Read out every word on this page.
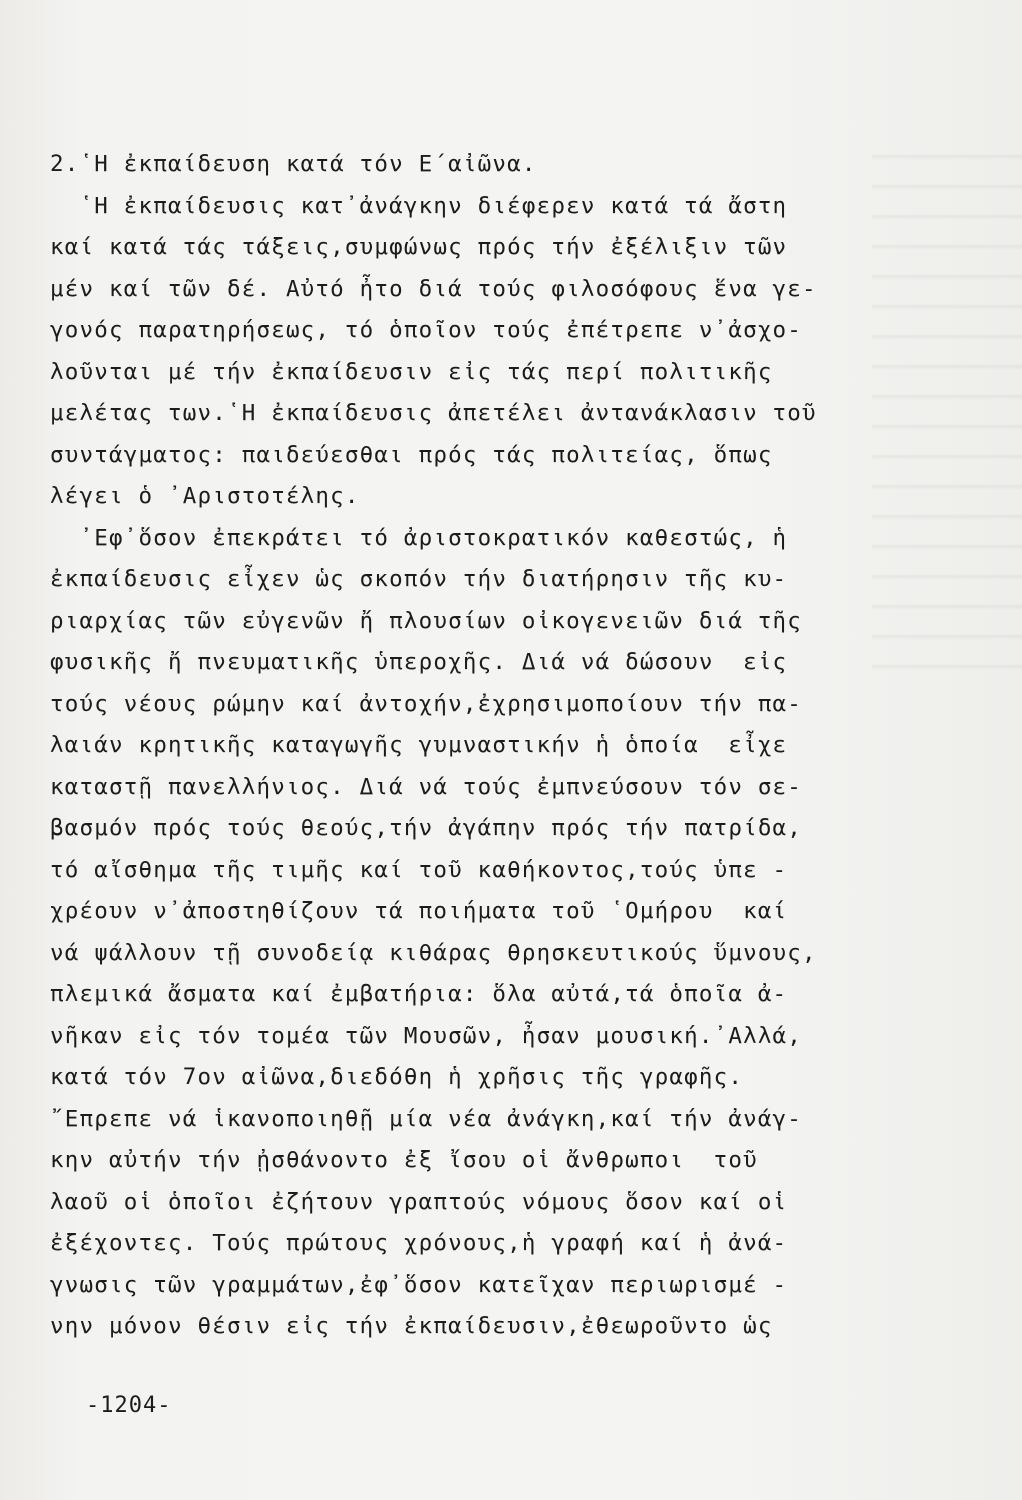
2.῾Η ἐκπαίδευση κατά τόν Ε΄αἰῶνα.
῾Η ἐκπαίδευσις κατ᾽ἀνάγκην διέφερεν κατά τά ἄστη
καί κατά τάς τάξεις,συμφώνως πρός τήν ἐξέλιξιν τῶν
μέν καί τῶν δέ. Αὐτό ἦτο διά τούς φιλοσόφους ἕνα γε-
γονός παρατηρήσεως, τό ὁποῖον τούς ἐπέτρεπε ν᾽ἀσχο-
λοῦνται μέ τήν ἐκπαίδευσιν εἰς τάς περί πολιτικῆς
μελέτας των.῾Η ἐκπαίδευσις ἀπετέλει ἀντανάκλασιν τοῦ
συντάγματος: παιδεύεσθαι πρός τάς πολιτείας, ὅπως
λέγει ὁ ᾽Αριστοτέλης.
᾽Εφ᾽ὅσον ἐπεκράτει τό ἀριστοκρατικόν καθεστώς, ἡ
ἐκπαίδευσις εἶχεν ὡς σκοπόν τήν διατήρησιν τῆς κυ-
ριαρχίας τῶν εὐγενῶν ἤ πλουσίων οἰκογενειῶν διά τῆς
φυσικῆς ἤ πνευματικῆς ὑπεροχῆς. Διά νά δώσουν  εἰς
τούς νέους ρώμην καί ἀντοχήν,ἐχρησιμοποίουν τήν πα-
λαιάν κρητικῆς καταγωγῆς γυμναστικήν ἡ ὁποία  εἶχε
καταστῇ πανελλήνιος. Διά νά τούς ἐμπνεύσουν τόν σε-
βασμόν πρός τούς θεούς,τήν ἀγάπην πρός τήν πατρίδα,
τό αἴσθημα τῆς τιμῆς καί τοῦ καθήκοντος,τούς ὑπε -
χρέουν ν᾽ἀποστηθίζουν τά ποιήματα τοῦ ῾Ομήρου  καί
νά ψάλλουν τῇ συνοδείᾳ κιθάρας θρησκευτικούς ὕμνους,
πλεμικά ἄσματα καί ἐμβατήρια: ὅλα αὐτά,τά ὁποῖα ἀ-
νῆκαν εἰς τόν τομέα τῶν Μουσῶν, ἦσαν μουσική.᾽Αλλά,
κατά τόν 7ον αἰῶνα,διεδόθη ἡ χρῆσις τῆς γραφῆς.
῎Επρεπε νά ἱκανοποιηθῇ μία νέα ἀνάγκη,καί τήν ἀνάγ-
κην αὐτήν τήν ᾐσθάνοντο ἐξ ἴσου οἱ ἄνθρωποι  τοῦ
λαοῦ οἱ ὁποῖοι ἐζήτουν γραπτούς νόμους ὅσον καί οἱ
ἐξέχοντες. Τούς πρώτους χρόνους,ἡ γραφή καί ἡ ἀνά-
γνωσις τῶν γραμμάτων,ἐφ᾽ὅσον κατεῖχαν περιωρισμέ -
νην μόνον θέσιν εἰς τήν ἐκπαίδευσιν,ἐθεωροῦντο ὡς
-1204-
